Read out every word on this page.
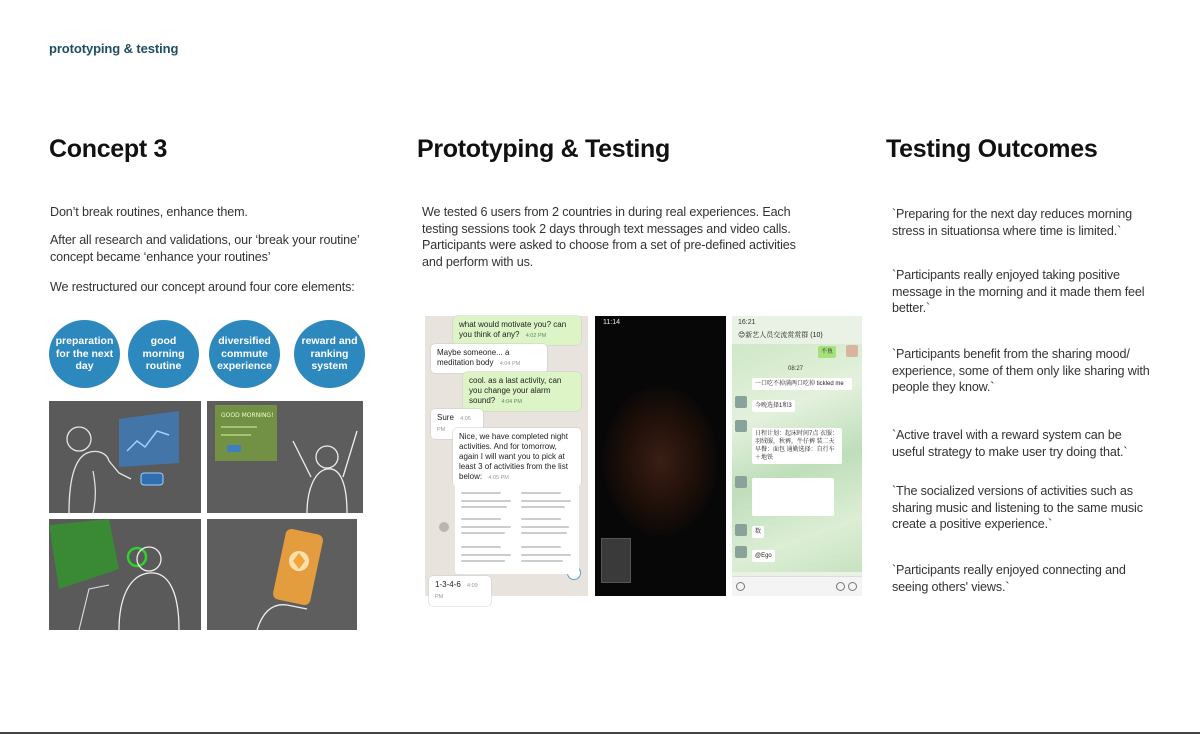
prototyping & testing
Concept 3

Don’t break routines, enhance them.

After all research and validations, our ‘break your routine’ concept became ‘enhance your routines’

We restructured our concept around four core elements:

preparation for the next day
good morning routine
diversified commute experience
reward and ranking system
GOOD MORNING!
Prototyping & Testing

We tested 6 users from 2 countries in during real experiences. Each testing sessions took 2 days through text messages and video calls. Participants were asked to choose from a set of pre-defined activities and perform with us.

what would motivate you? can you think of any? 4:02 PM
Maybe someone... a meditation body 4:04 PM
cool. as a last activity, can you change your alarm sound? 4:04 PM
Sure 4:05 PM
Nice, we have completed night activities. And for tomorrow, again I will want you to pick at least 3 of activities from the list below: 4:05 PM
1-3-4-6 4:09 PM
11:14	16:21
😊新艺人员交流赏赏群 (10)
08:27
不鱼
一口吃不掉满两口吃掉 tickled me
今晚选择1和3
日程计划：起床时间7点 衣服：羽绒服，秋裤，牛仔裤 装二天早餐：面包 通勤选择：自行车＋地铁
数
@Ego
Testing Outcomes

`Preparing for the next day reduces morning stress in situationsa where time is limited.`

`Participants really enjoyed taking positive message in the morning and it made them feel better.`

`Participants benefit from the sharing mood/ experience, some of them only like sharing with people they know.`

`Active travel with a reward system can be useful strategy to make user try doing that.`

`The socialized versions of activities such as sharing music and listening to the same music create a positive experience.`

`Participants really enjoyed connecting and seeing others' views.`
